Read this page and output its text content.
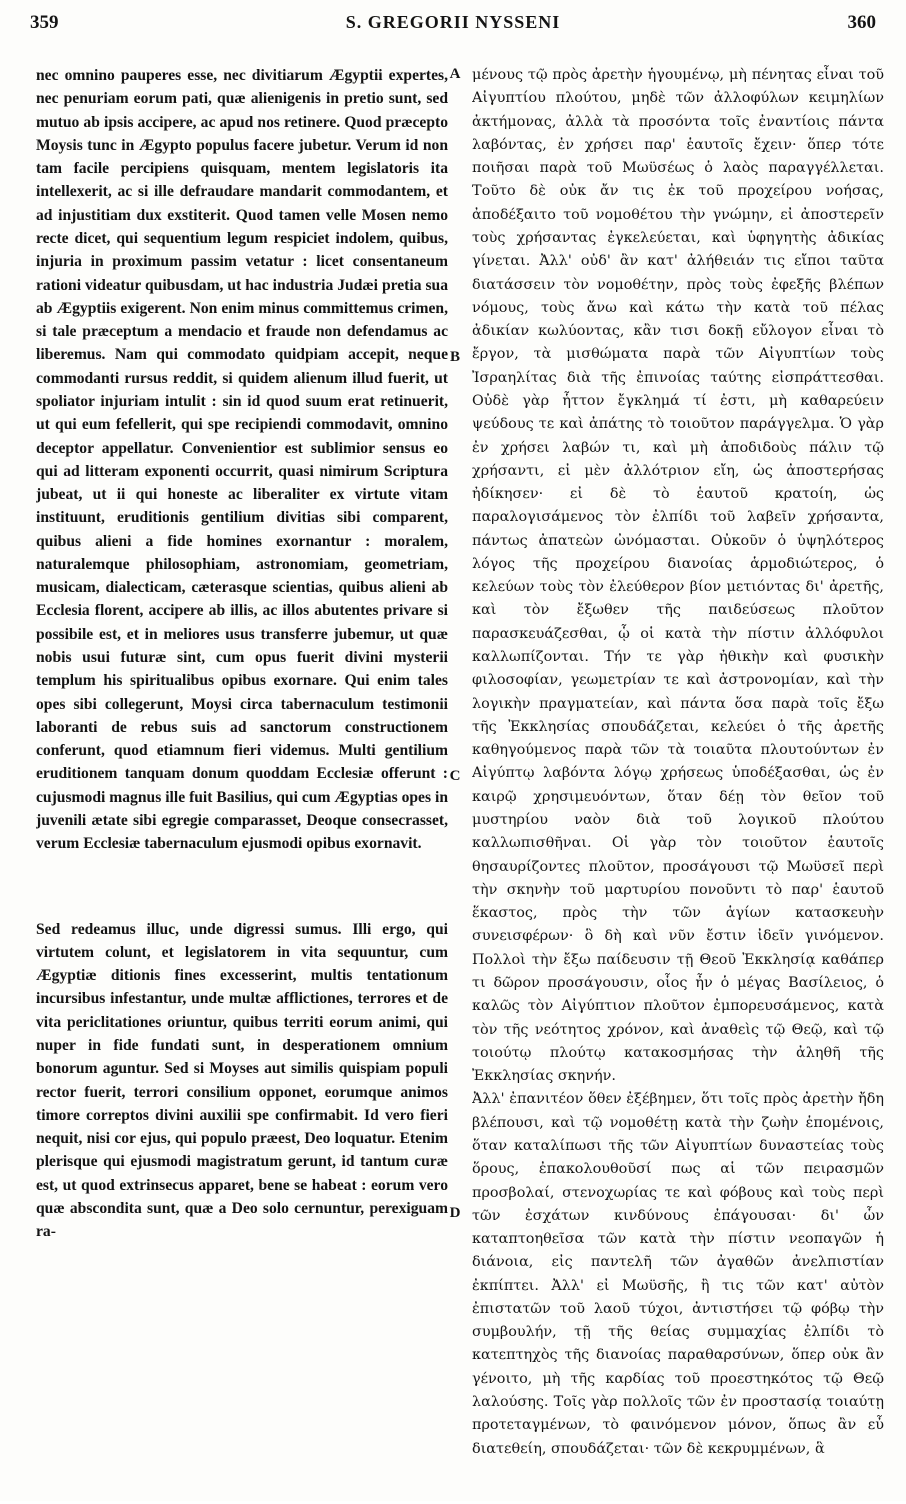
359	S. GREGORII NYSSENI	360

nec omnino pauperes esse, nec divitiarum Ægyptii expertes, nec penuriam eorum pati, quæ alienigenis in pretio sunt, sed mutuo ab ipsis accipere, ac apud nos retinere. Quod præcepto Moysis tunc in Ægypto populus facere jubetur. Verum id non tam facile percipiens quisquam, mentem legislatoris ita intellexerit, ac si ille defraudare mandarit commodantem, et ad injustitiam dux exstiterit. Quod tamen velle Mosen nemo recte dicet, qui sequentium legum respiciet indolem, quibus, injuria in proximum passim vetatur : licet consentaneum rationi videatur quibusdam, ut hac industria Judæi pretia sua ab Ægyptiis exigerent. Non enim minus committemus crimen, si tale præceptum a mendacio et fraude non defendamus ac liberemus. Nam qui commodato quidpiam accepit, neque commodanti rursus reddit, si quidem alienum illud fuerit, ut spoliator injuriam intulit : sin id quod suum erat retinuerit, ut qui eum fefellerit, qui spe recipiendi commodavit, omnino deceptor appellatur. Convenientior est sublimior sensus eo qui ad litteram exponenti occurrit, quasi nimirum Scriptura jubeat, ut ii qui honeste ac liberaliter ex virtute vitam instituunt, eruditionis gentilium divitias sibi comparent, quibus alieni a fide homines exornantur : moralem, naturalemque philosophiam, astronomiam, geometriam, musicam, dialecticam, cæterasque scientias, quibus alieni ab Ecclesia florent, accipere ab illis, ac illos abutentes privare si possibile est, et in meliores usus transferre jubemur, ut quæ nobis usui futuræ sint, cum opus fuerit divini mysterii templum his spiritualibus opibus exornare. Qui enim tales opes sibi collegerunt, Moysi circa tabernaculum testimonii laboranti de rebus suis ad sanctorum constructionem conferunt, quod etiamnum fieri videmus. Multi gentilium eruditionem tanquam donum quoddam Ecclesiæ offerunt : cujusmodi magnus ille fuit Basilius, qui cum Ægyptias opes in juvenili ætate sibi egregie comparasset, Deoque consecrasset, verum Ecclesiæ tabernaculum ejusmodi opibus exornavit.

Sed redeamus illuc, unde digressi sumus. Illi ergo, qui virtutem colunt, et legislatorem in vita sequuntur, cum Ægyptiæ ditionis fines excesserint, multis tentationum incursibus infestantur, unde multæ afflictiones, terrores et de vita periclitationes oriuntur, quibus territi eorum animi, qui nuper in fide fundati sunt, in desperationem omnium bonorum aguntur. Sed si Moyses aut similis quispiam populi rector fuerit, terrori consilium opponet, eorumque animos timore correptos divini auxilii spe confirmabit. Id vero fieri nequit, nisi cor ejus, qui populo præest, Deo loquatur. Etenim plerisque qui ejusmodi magistratum gerunt, id tantum curæ est, ut quod extrinsecus apparet, bene se habeat : eorum vero quæ abscondita sunt, quæ a Deo solo cernuntur, perexiguam ra-

μένους τῷ πρὸς ἀρετὴν ἡγουμένῳ, μὴ πένητας εἶναι τοῦ Αἰγυπτίου πλούτου, μηδὲ τῶν ἀλλοφύλων κειμηλίων ἀκτήμονας, ἀλλὰ τὰ προσόντα τοῖς ἐναντίοις πάντα λαβόντας, ἐν χρήσει παρ' ἑαυτοῖς ἔχειν· ὅπερ τότε ποιῆσαι παρὰ τοῦ Μωϋσέως ὁ λαὸς παραγγέλλεται. Τοῦτο δὲ οὐκ ἄν τις ἐκ τοῦ προχείρου νοήσας, ἀποδέξαιτο τοῦ νομοθέτου τὴν γνώμην, εἰ ἀποστερεῖν τοὺς χρήσαντας ἐγκελεύεται, καὶ ὑφηγητὴς ἀδικίας γίνεται. Ἀλλ' οὐδ' ἂν κατ' ἀλήθειάν τις εἴποι ταῦτα διατάσσειν τὸν νομοθέτην, πρὸς τοὺς ἐφεξῆς βλέπων νόμους, τοὺς ἄνω καὶ κάτω τὴν κατὰ τοῦ πέλας ἀδικίαν κωλύοντας, κἂν τισι δοκῇ εὔλογον εἶναι τὸ ἔργον, τὰ μισθώματα παρὰ τῶν Αἰγυπτίων τοὺς Ἰσραηλίτας διὰ τῆς ἐπινοίας ταύτης εἰσπράττεσθαι. Οὐδὲ γὰρ ἧττον ἔγκλημά τί ἐστι, μὴ καθαρεύειν ψεύδους τε καὶ ἀπάτης τὸ τοιοῦτον παράγγελμα. Ὁ γὰρ ἐν χρήσει λαβών τι, καὶ μὴ ἀποδιδοὺς πάλιν τῷ χρήσαντι, εἰ μὲν ἀλλότριον εἴη, ὡς ἀποστερήσας ἠδίκησεν· εἰ δὲ τὸ ἑαυτοῦ κρατοίη, ὡς παραλογισάμενος τὸν ἐλπίδι τοῦ λαβεῖν χρήσαντα, πάντως ἀπατεὼν ὠνόμασται. Οὐκοῦν ὁ ὑψηλότερος λόγος τῆς προχείρου διανοίας ἁρμοδιώτερος, ὁ κελεύων τοὺς τὸν ἐλεύθερον βίον μετιόντας δι' ἀρετῆς, καὶ τὸν ἔξωθεν τῆς παιδεύσεως πλοῦτον παρασκευάζεσθαι, ᾧ οἱ κατὰ τὴν πίστιν ἀλλόφυλοι καλλωπίζονται. Τήν τε γὰρ ἠθικὴν καὶ φυσικὴν φιλοσοφίαν, γεωμετρίαν τε καὶ ἀστρονομίαν, καὶ τὴν λογικὴν πραγματείαν, καὶ πάντα ὅσα παρὰ τοῖς ἔξω τῆς Ἐκκλησίας σπουδάζεται, κελεύει ὁ τῆς ἀρετῆς καθηγούμενος παρὰ τῶν τὰ τοιαῦτα πλουτούντων ἐν Αἰγύπτῳ λαβόντα λόγῳ χρήσεως ὑποδέξασθαι, ὡς ἐν καιρῷ χρησιμευόντων, ὅταν δέῃ τὸν θεῖον τοῦ μυστηρίου ναὸν διὰ τοῦ λογικοῦ πλούτου καλλωπισθῆναι. Οἱ γὰρ τὸν τοιοῦτον ἑαυτοῖς θησαυρίζοντες πλοῦτον, προσάγουσι τῷ Μωϋσεῖ περὶ τὴν σκηνὴν τοῦ μαρτυρίου πονοῦντι τὸ παρ' ἑαυτοῦ ἕκαστος, πρὸς τὴν τῶν ἁγίων κατασκευὴν συνεισφέρων· ὃ δὴ καὶ νῦν ἔστιν ἰδεῖν γινόμενον. Πολλοὶ τὴν ἔξω παίδευσιν τῇ Θεοῦ Ἐκκλησίᾳ καθάπερ τι δῶρον προσάγουσιν, οἷος ἦν ὁ μέγας Βασίλειος, ὁ καλῶς τὸν Αἰγύπτιον πλοῦτον ἐμπορευσάμενος, κατὰ τὸν τῆς νεότητος χρόνον, καὶ ἀναθεὶς τῷ Θεῷ, καὶ τῷ τοιούτῳ πλούτῳ κατακοσμήσας τὴν ἀληθῆ τῆς Ἐκκλησίας σκηνήν.

Ἀλλ' ἐπανιτέον ὅθεν ἐξέβημεν, ὅτι τοῖς πρὸς ἀρετὴν ἤδη βλέπουσι, καὶ τῷ νομοθέτῃ κατὰ τὴν ζωὴν ἑπομένοις, ὅταν καταλίπωσι τῆς τῶν Αἰγυπτίων δυναστείας τοὺς ὅρους, ἐπακολουθοῦσί πως αἱ τῶν πειρασμῶν προσβολαί, στενοχωρίας τε καὶ φόβους καὶ τοὺς περὶ τῶν ἐσχάτων κινδύνους ἐπάγουσαι· δι' ὧν καταπτοηθεῖσα τῶν κατὰ τὴν πίστιν νεοπαγῶν ἡ διάνοια, εἰς παντελῆ τῶν ἀγαθῶν ἀνελπιστίαν ἐκπίπτει. Ἀλλ' εἰ Μωϋσῆς, ἢ τις τῶν κατ' αὐτὸν ἐπιστατῶν τοῦ λαοῦ τύχοι, ἀντιστήσει τῷ φόβῳ τὴν συμβουλήν, τῇ τῆς θείας συμμαχίας ἐλπίδι τὸ κατεπτηχὸς τῆς διανοίας παραθαρσύνων, ὅπερ οὐκ ἂν γένοιτο, μὴ τῆς καρδίας τοῦ προεστηκότος τῷ Θεῷ λαλούσης. Τοῖς γὰρ πολλοῖς τῶν ἐν προστασίᾳ τοιαύτῃ προτεταγμένων, τὸ φαινόμενον μόνον, ὅπως ἂν εὖ διατεθείη, σπουδάζεται· τῶν δὲ κεκρυμμένων, ἃ

A
B
C
D
